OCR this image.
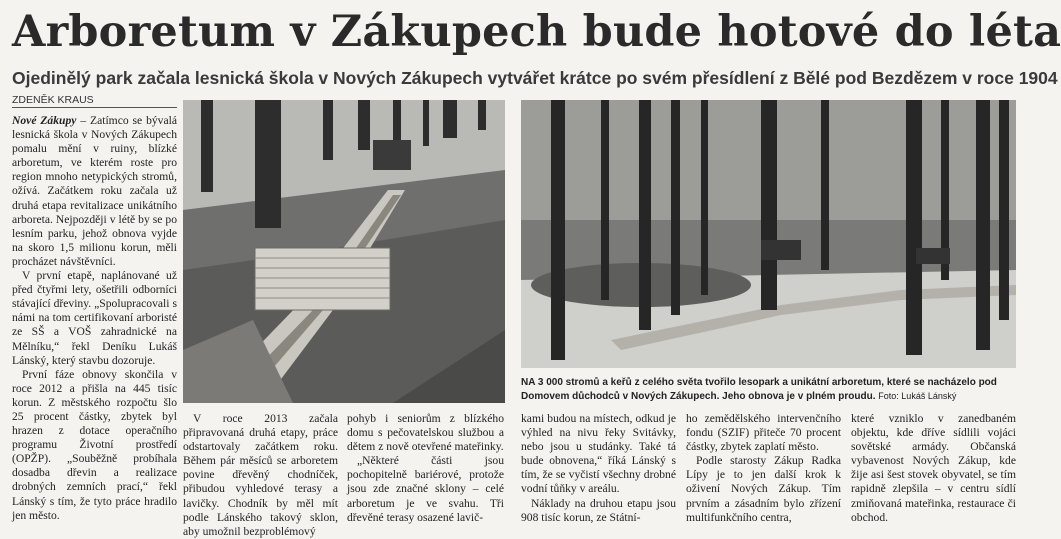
Arboretum v Zákupech bude hotové do léta
Ojedinělý park začala lesnická škola v Nových Zákupech vytvářet krátce po svém přesídlení z Bělé pod Bezdězem v roce 1904
ZDENĚK KRAUS

Nové Zákupy – Zatímco se bývalá lesnická škola v Nových Zákupech pomalu mění v ruiny, blízké arboretum, ve kterém roste pro region mnoho netypických stromů, ožívá. Začátkem roku začala už druhá etapa revitalizace unikátního arboreta. Nejpozději v létě by se po lesním parku, jehož obnova vyjde na skoro 1,5 milionu korun, měli procházet návštěvníci.

V první etapě, naplánované už před čtyřmi lety, ošetřili odborníci stávající dřeviny. „Spolupracovali s námi na tom certifikovaní arboristé ze SŠ a VOŠ zahradnické na Mělníku,“ řekl Deníku Lukáš Lánský, který stavbu dozoruje.

První fáze obnovy skončila v roce 2012 a přišla na 445 tisíc korun. Z městského rozpočtu šlo 25 procent částky, zbytek byl hrazen z dotace operačního programu Životní prostředí (OPŽP). „Souběžně probíhala dosadba dřevin a realizace drobných zemních prací,“ řekl Lánský s tím, že tyto práce hradilo jen město.

NA 3 000 stromů a keřů z celého světa tvořilo lesopark a unikátní arboretum, které se nacházelo pod Domovem důchodců v Nových Zákupech. Jeho obnova je v plném proudu. Foto: Lukáš Lánský

V roce 2013 začala připravovaná druhá etapy, práce odstartovaly začátkem roku. Během pár měsíců se arboretem povine dřevěný chodníček, přibudou vyhledové terasy a lavičky. Chodník by měl mít podle Lánského takový sklon, aby umožnil bezproblémový

pohyb i seniorům z blízkého domu s pečovatelskou službou a dětem z nově otevřené mateřinky.

„Některé části jsou pochopitelně bariérové, protože jsou zde značné sklony – celé arboretum je ve svahu. Tři dřevěné terasy osazené lavič-

kami budou na místech, odkud je výhled na nivu řeky Svitávky, nebo jsou u studánky. Také tá bude obnovena,“ říká Lánský s tím, že se vyčistí všechny drobné vodní tůňky v areálu.

Náklady na druhou etapu jsou 908 tisíc korun, ze Státní-

ho zemědělského intervenčního fondu (SZIF) přiteče 70 procent částky, zbytek zaplatí město.

Podle starosty Zákup Radka Lípy je to jen další krok k oživení Nových Zákup. Tím prvním a zásadním bylo zřízení multifunkčního centra,

které vzniklo v zanedbaném objektu, kde dříve sídlili vojáci sovětské armády. Občanská vybavenost Nových Zákup, kde žije asi šest stovek obyvatel, se tím rapidně zlepšila – v centru sídlí zmiňovaná mateřinka, restaurace či obchod.
